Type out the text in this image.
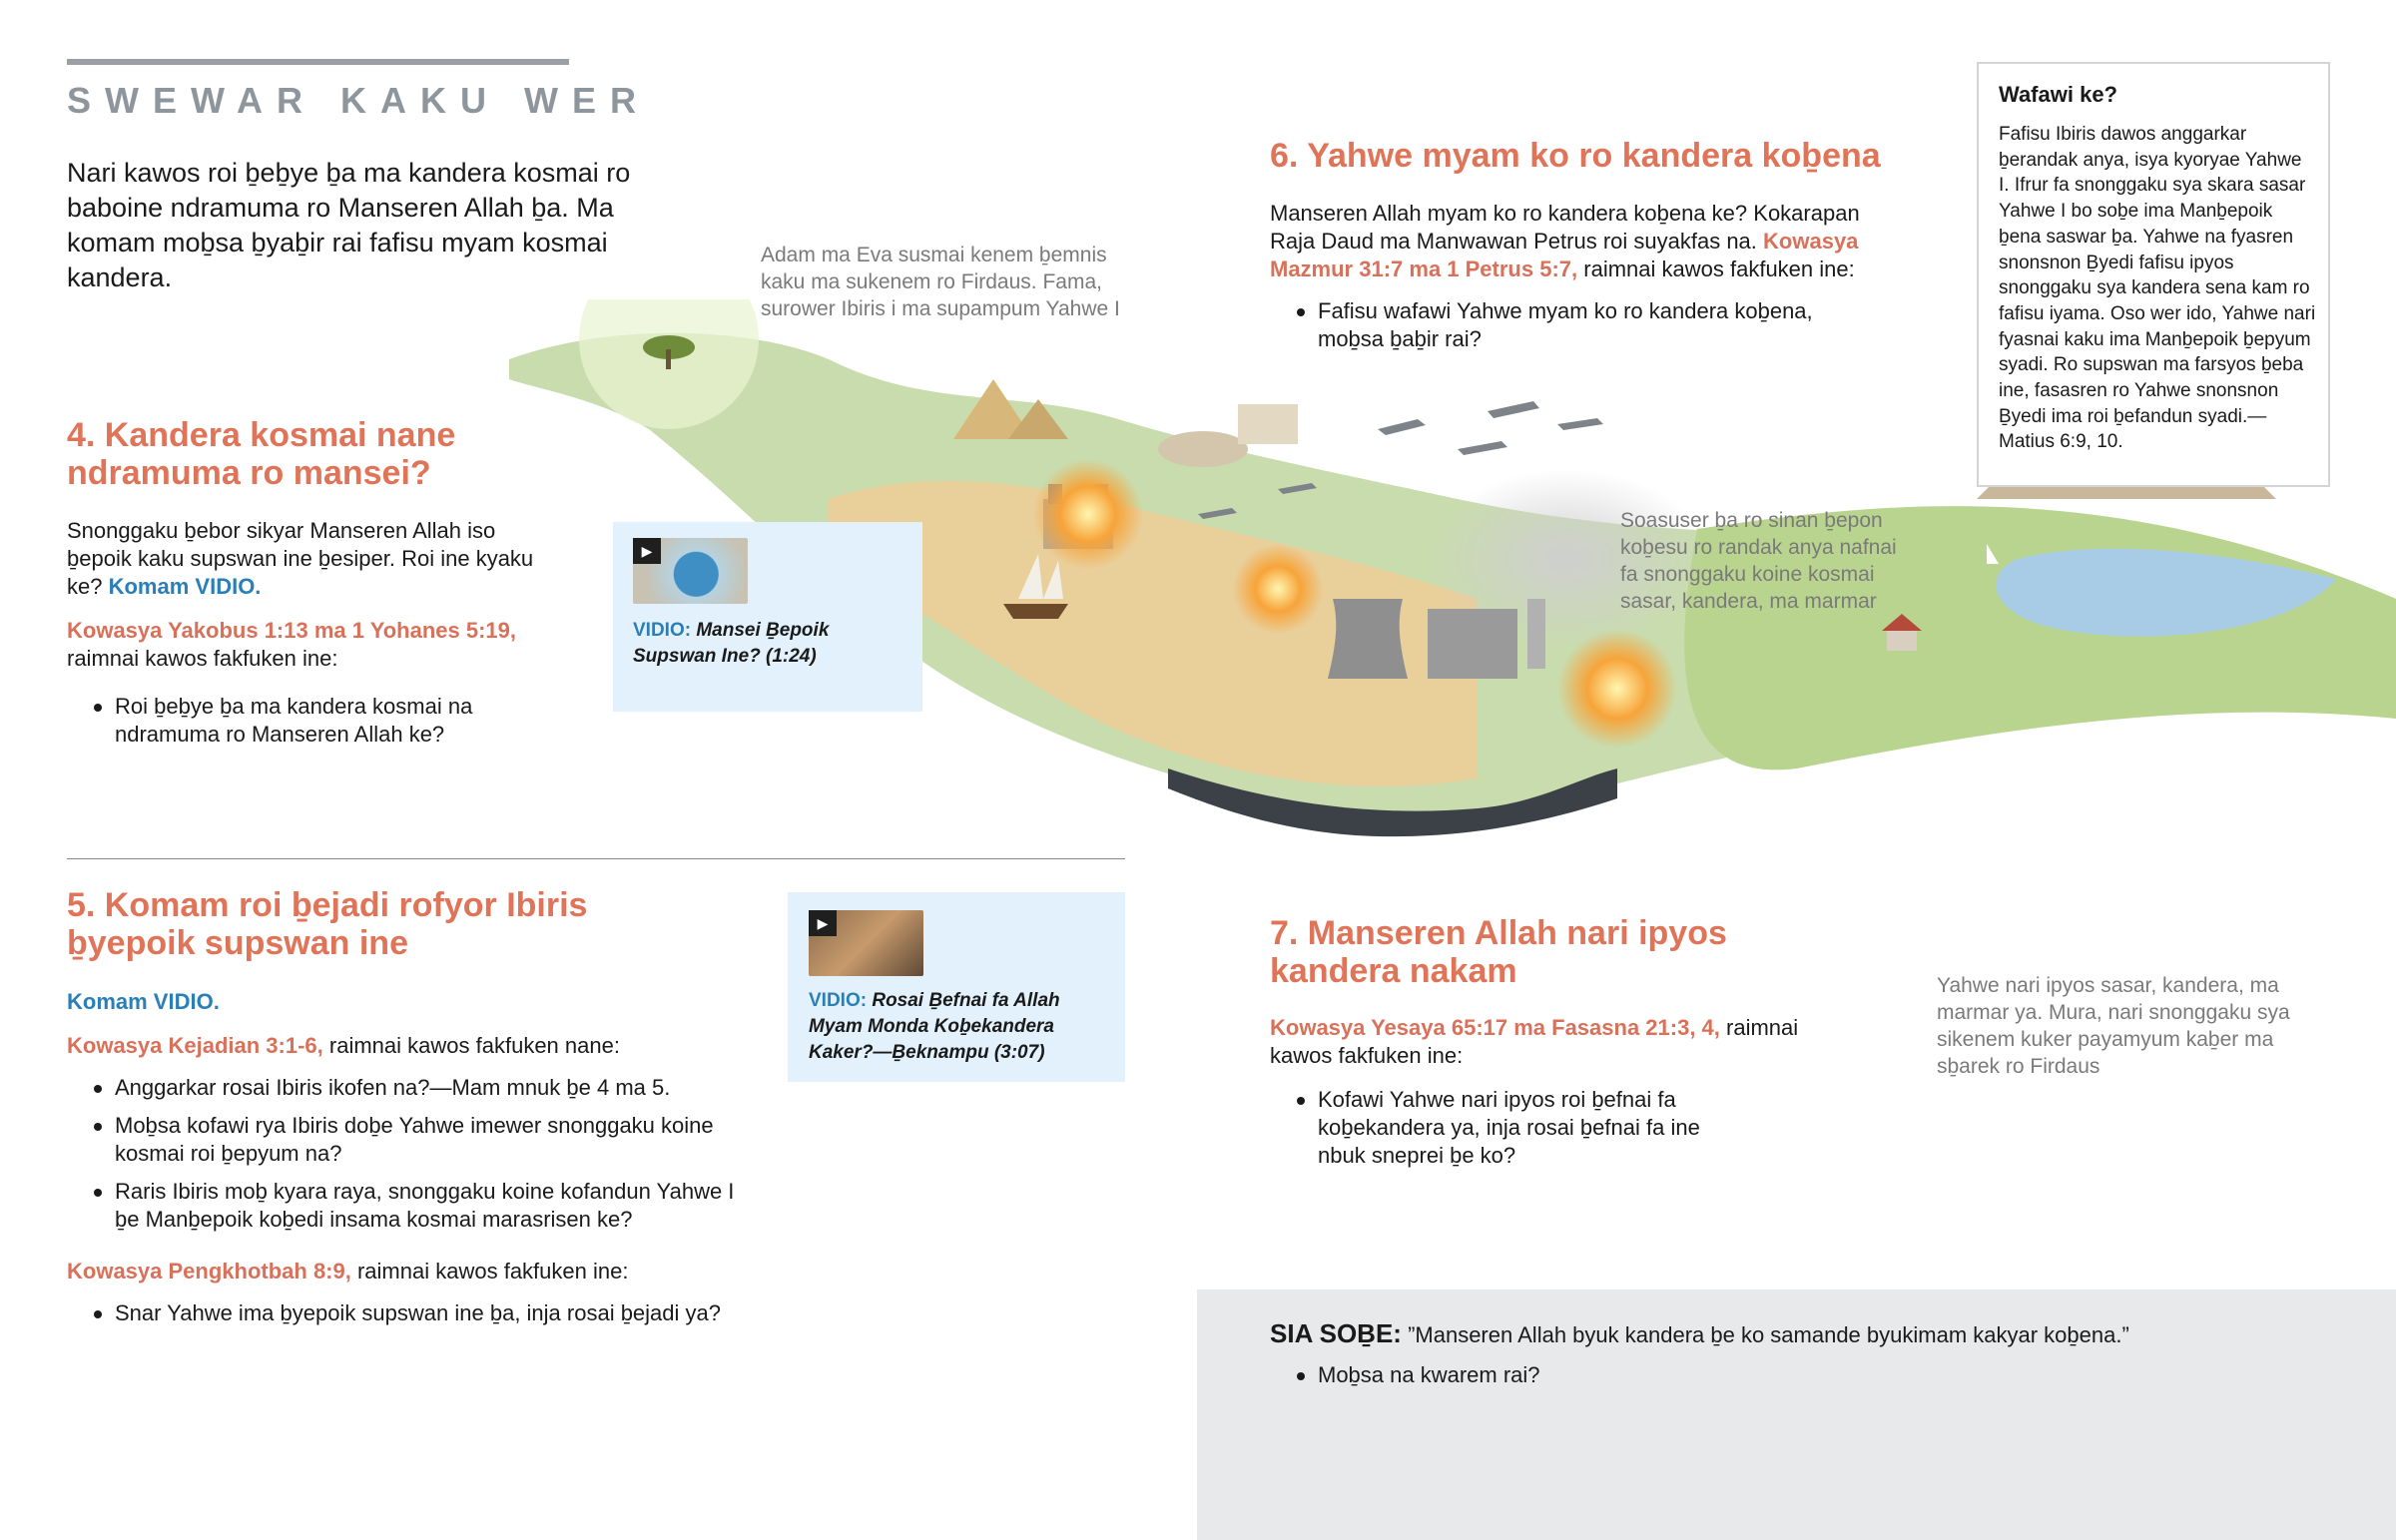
SWEWAR KAKU WER
Nari kawos roi ḇeḇye ḇa ma kandera kosmai ro baboine ndramuma ro Manseren Allah ḇa. Ma komam moḇsa ḇyaḇir rai fafisu myam kosmai kandera.
Adam ma Eva susmai kenem ḇemnis kaku ma sukenem ro Firdaus. Fama, surower Ibiris i ma supampum Yahwe I
Soasuser ḇa ro sinan ḇepon koḇesu ro randak anya nafnai fa snonggaku koine kosmai sasar, kandera, ma marmar
Yahwe nari ipyos sasar, kandera, ma marmar ya. Mura, nari snonggaku sya sikenem kuker payamyum kaḇer ma sḇarek ro Firdaus
4. Kandera kosmai nane ndramuma ro mansei?
Snonggaku ḇebor sikyar Manseren Allah iso ḇepoik kaku supswan ine ḇesiper. Roi ine kyaku ke? Komam VIDIO.
Kowasya Yakobus 1:13 ma 1 Yohanes 5:19, raimnai kawos fakfuken ine:
Roi ḇeḇye ḇa ma kandera kosmai na ndramuma ro Manseren Allah ke?
▶
VIDIO: Mansei Ḇepoik Supswan Ine? (1:24)
5. Komam roi ḇejadi rofyor Ibiris ḇyepoik supswan ine
Komam VIDIO.
Kowasya Kejadian 3:1-6, raimnai kawos fakfuken nane:
Anggarkar rosai Ibiris ikofen na?—Mam mnuk ḇe 4 ma 5.
Moḇsa kofawi rya Ibiris doḇe Yahwe imewer snonggaku koine kosmai roi ḇepyum na?
Raris Ibiris moḇ kyara raya, snonggaku koine kofandun Yahwe I ḇe Manḇepoik koḇedi insama kosmai marasrisen ke?
Kowasya Pengkhotbah 8:9, raimnai kawos fakfuken ine:
Snar Yahwe ima ḇyepoik supswan ine ḇa, inja rosai ḇejadi ya?
▶
VIDIO: Rosai Ḇefnai fa Allah Myam Monda Koḇekandera Kaker?—Ḇeknampu (3:07)
6. Yahwe myam ko ro kandera koḇena
Manseren Allah myam ko ro kandera koḇena ke? Kokarapan Raja Daud ma Manwawan Petrus roi suyakfas na. Kowasya Mazmur 31:7 ma 1 Petrus 5:7, raimnai kawos fakfuken ine:
Fafisu wafawi Yahwe myam ko ro kandera koḇena, moḇsa ḇaḇir rai?
Wafawi ke?
Fafisu Ibiris dawos anggarkar ḇerandak anya, isya kyoryae Yahwe I. Ifrur fa snonggaku sya skara sasar Yahwe I bo soḇe ima Manḇepoik ḇena saswar ḇa. Yahwe na fyasren snonsnon Ḇyedi fafisu ipyos snonggaku sya kandera sena kam ro fafisu iyama. Oso wer ido, Yahwe nari fyasnai kaku ima Manḇepoik ḇepyum syadi. Ro supswan ma farsyos ḇeba ine, fasasren ro Yahwe snonsnon Ḇyedi ima roi ḇefandun syadi.—Matius 6:9, 10.
7. Manseren Allah nari ipyos kandera nakam
Kowasya Yesaya 65:17 ma Fasasna 21:3, 4, raimnai kawos fakfuken ine:
Kofawi Yahwe nari ipyos roi ḇefnai fa koḇekandera ya, inja rosai ḇefnai fa ine nbuk sneprei ḇe ko?
SIA SOḆE: ”Manseren Allah byuk kandera ḇe ko samande byukimam kakyar koḇena.”
Moḇsa na kwarem rai?
